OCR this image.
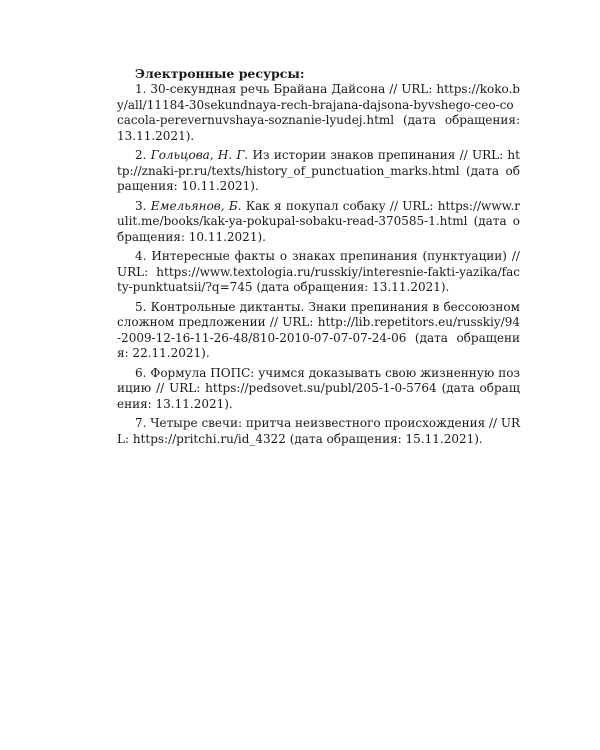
Электронные ресурсы:

1. 30-секундная речь Брайана Дайсона // URL: https://koko.by/all/11184-30sekundnaya-rech-brajana-dajsona-byvshego-ceo-cocacola-perevernuvshaya-soznanie-lyudej.html (дата обращения: 13.11.2021).
2. Гольцова, Н. Г. Из истории знаков препинания // URL: http://znaki-pr.ru/texts/history_of_punctuation_marks.html (дата обращения: 10.11.2021).
3. Емельянов, Б. Как я покупал собаку // URL: https://www.rulit.me/books/kak-ya-pokupal-sobaku-read-370585-1.html (дата обращения: 10.11.2021).
4. Интересные факты о знаках препинания (пунктуации) // URL: https://www.textologia.ru/russkiy/interesnie-fakti-yazika/facty-punktuatsii/?q=745 (дата обращения: 13.11.2021).
5. Контрольные диктанты. Знаки препинания в бессоюзном сложном предложении // URL: http://lib.repetitors.eu/russkiy/94-2009-12-16-11-26-48/810-2010-07-07-07-24-06 (дата обращения: 22.11.2021).
6. Формула ПОПС: учимся доказывать свою жизненную позицию // URL: https://pedsovet.su/publ/205-1-0-5764 (дата обращения: 13.11.2021).
7. Четыре свечи: притча неизвестного происхождения // URL: https://pritchi.ru/id_4322 (дата обращения: 15.11.2021).
